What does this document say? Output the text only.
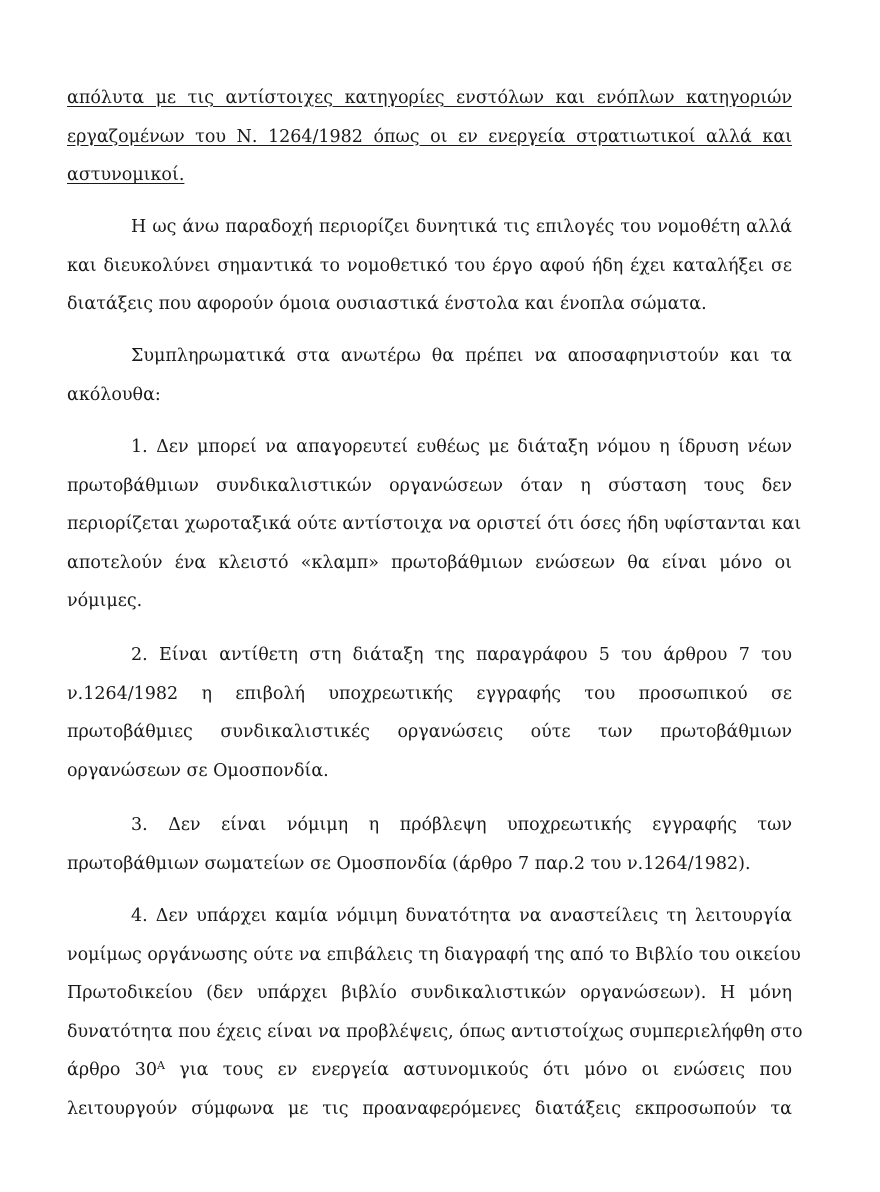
απόλυτα με τις αντίστοιχες κατηγορίες ενστόλων και ενόπλων κατηγοριών
εργαζομένων του Ν. 1264/1982 όπως οι εν ενεργεία στρατιωτικοί αλλά και
αστυνομικοί.
Η ως άνω παραδοχή περιορίζει δυνητικά τις επιλογές του νομοθέτη αλλά
και διευκολύνει σημαντικά το νομοθετικό του έργο αφού ήδη έχει καταλήξει σε
διατάξεις που αφορούν όμοια ουσιαστικά ένστολα και ένοπλα σώματα.
Συμπληρωματικά στα ανωτέρω θα πρέπει να αποσαφηνιστούν και τα
ακόλουθα:
1. Δεν μπορεί να απαγορευτεί ευθέως με διάταξη νόμου η ίδρυση νέων
πρωτοβάθμιων συνδικαλιστικών οργανώσεων όταν η σύσταση τους δεν
περιορίζεται χωροταξικά ούτε αντίστοιχα να οριστεί ότι όσες ήδη υφίστανται και
αποτελούν ένα κλειστό «κλαμπ» πρωτοβάθμιων ενώσεων θα είναι μόνο οι
νόμιμες.
2. Είναι αντίθετη στη διάταξη της παραγράφου 5 του άρθρου 7 του
ν.1264/1982 η επιβολή υποχρεωτικής εγγραφής του προσωπικού σε
πρωτοβάθμιες συνδικαλιστικές οργανώσεις ούτε των πρωτοβάθμιων
οργανώσεων σε Ομοσπονδία.
3. Δεν είναι νόμιμη η πρόβλεψη υποχρεωτικής εγγραφής των
πρωτοβάθμιων σωματείων σε Ομοσπονδία (άρθρο 7 παρ.2 του ν.1264/1982).
4. Δεν υπάρχει καμία νόμιμη δυνατότητα να αναστείλεις τη λειτουργία
νομίμως οργάνωσης ούτε να επιβάλεις τη διαγραφή της από το Βιβλίο του οικείου
Πρωτοδικείου (δεν υπάρχει βιβλίο συνδικαλιστικών οργανώσεων). Η μόνη
δυνατότητα που έχεις είναι να προβλέψεις, όπως αντιστοίχως συμπεριελήφθη στο
άρθρο $30^A$ για τους εν ενεργεία αστυνομικούς ότι μόνο οι ενώσεις που
λειτουργούν σύμφωνα με τις προαναφερόμενες διατάξεις εκπροσωπούν τα
